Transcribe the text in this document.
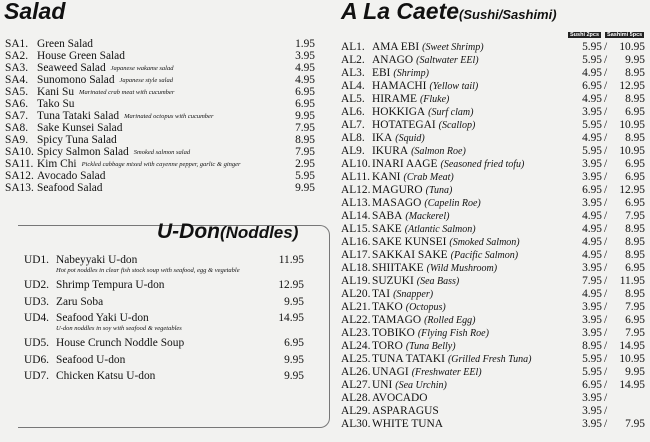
Salad	A La Caete(Sushi/Sashimi)
Sushi 2pcs Sashimi 5pcs
SA1. Green Salad	1.95
SA2. House Green Salad	3.95
SA3. Seaweed Salad Japanese wakame salad	4.95
SA4. Sunomono Salad Japanese style salad	4.95
SA5. Kani Su Marinated crab meat with cucumber	6.95
SA6. Tako Su	6.95
SA7. Tuna Tataki Salad Marinated octopus with cucumber	9.95
SA8. Sake Kunsei Salad	7.95
SA9. Spicy Tuna Salad	8.95
SA10. Spicy Salmon Salad Smoked salmon salad	7.95
SA11. Kim Chi Pickled cabbage mixed with cayenne pepper, garlic & ginger	2.95
SA12. Avocado Salad	5.95
SA13. Seafood Salad	9.95
U-Don(Noddles)
UD1. Nabeyyaki U-don	11.95
Hot pot noddles in clear fish stock soup with seafood, egg & vegetable
UD2. Shrimp Tempura U-don	12.95
UD3. Zaru Soba	9.95
UD4. Seafood Yaki U-don	14.95
U-don noddles in soy with seafood & vegetables
UD5. House Crunch Noddle Soup	6.95
UD6. Seafood U-don	9.95
UD7. Chicken Katsu U-don	9.95
AL1. AMA EBI (Sweet Shrimp)	5.95 /	10.95
AL2. ANAGO (Saltwater EEl)	5.95 /	9.95
AL3. EBI (Shrimp)	4.95 /	8.95
AL4. HAMACHI (Yellow tail)	6.95 /	12.95
AL5. HIRAME (Fluke)	4.95 /	8.95
AL6. HOKKIGA (Surf clam)	3.95 /	6.95
AL7. HOTATEGAI (Scallop)	5.95 /	10.95
AL8. IKA (Squid)	4.95 /	8.95
AL9. IKURA (Salmon Roe)	5.95 /	10.95
AL10. INARI AAGE (Seasoned fried tofu)	3.95 /	6.95
AL11. KANI (Crab Meat)	3.95 /	6.95
AL12. MAGURO (Tuna)	6.95 /	12.95
AL13. MASAGO (Capelin Roe)	3.95 /	6.95
AL14. SABA (Mackerel)	4.95 /	7.95
AL15. SAKE (Atlantic Salmon)	4.95 /	8.95
AL16. SAKE KUNSEI (Smoked Salmon)	4.95 /	8.95
AL17. SAKKAI SAKE (Pacific Salmon)	4.95 /	8.95
AL18. SHIITAKE (Wild Mushroom)	3.95 /	6.95
AL19. SUZUKI (Sea Bass)	7.95 /	11.95
AL20. TAI (Snapper)	4.95 /	8.95
AL21. TAKO (Octopus)	3.95 /	7.95
AL22. TAMAGO (Rolled Egg)	3.95 /	6.95
AL23. TOBIKO (Flying Fish Roe)	3.95 /	7.95
AL24. TORO (Tuna Belly)	8.95 /	14.95
AL25. TUNA TATAKI (Grilled Fresh Tuna)	5.95 /	10.95
AL26. UNAGI (Freshwater EEl)	5.95 /	9.95
AL27. UNI (Sea Urchin)	6.95 /	14.95
AL28. AVOCADO	3.95 /
AL29. ASPARAGUS	3.95 /
AL30. WHITE TUNA	3.95 /	7.95
